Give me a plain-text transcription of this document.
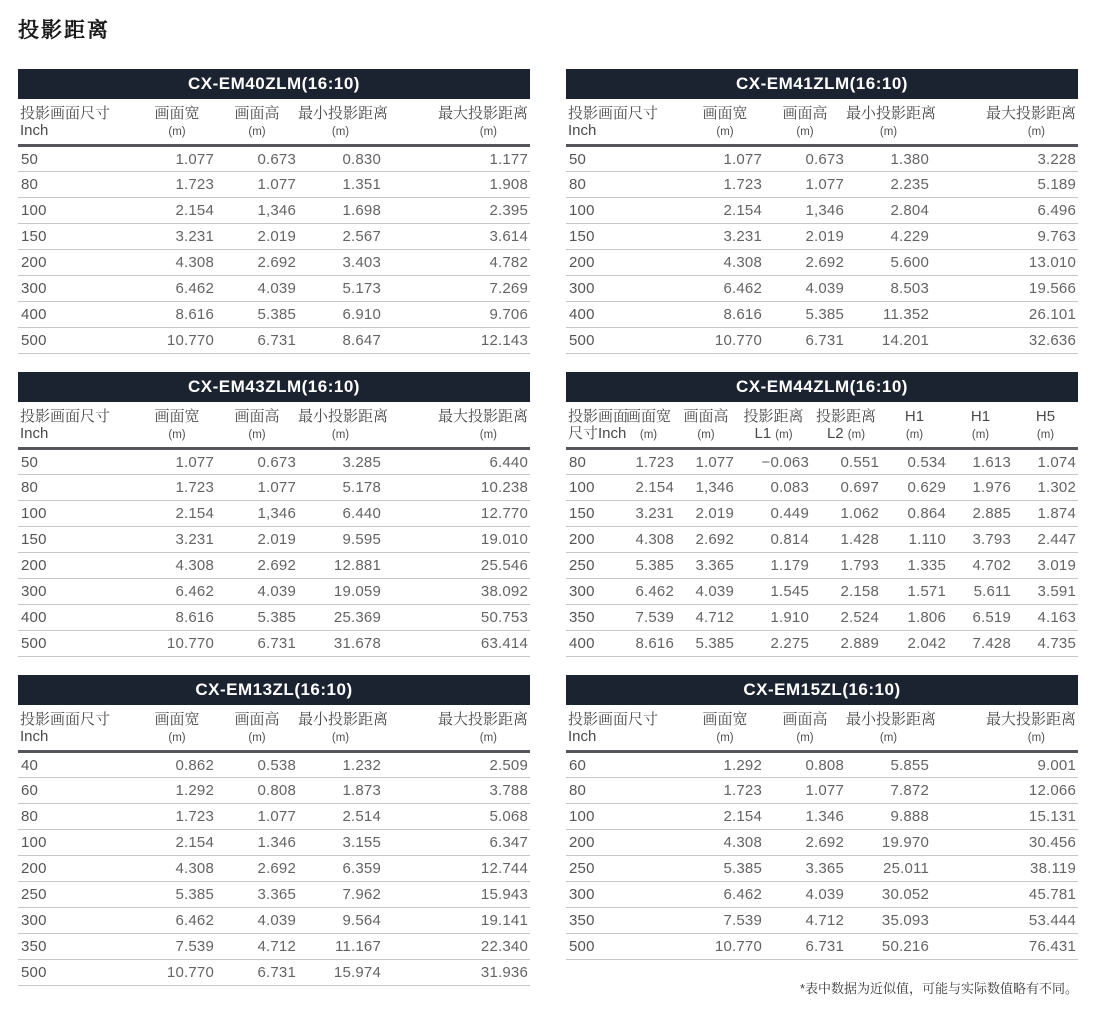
投影距离
CX-EM40ZLM(16:10)
投影画面尺寸
Inch

画面宽
(m)

画面高
(m)

最小投影距离
(m)

最大投影距离
(m)

50	1.077	0.673	0.830	1.177
80	1.723	1.077	1.351	1.908
100	2.154	1,346	1.698	2.395
150	3.231	2.019	2.567	3.614
200	4.308	2.692	3.403	4.782
300	6.462	4.039	5.173	7.269
400	8.616	5.385	6.910	9.706
500	10.770	6.731	8.647	12.143
CX-EM43ZLM(16:10)
投影画面尺寸
Inch

画面宽
(m)

画面高
(m)

最小投影距离
(m)

最大投影距离
(m)

50	1.077	0.673	3.285	6.440
80	1.723	1.077	5.178	10.238
100	2.154	1,346	6.440	12.770
150	3.231	2.019	9.595	19.010
200	4.308	2.692	12.881	25.546
300	6.462	4.039	19.059	38.092
400	8.616	5.385	25.369	50.753
500	10.770	6.731	31.678	63.414
CX-EM13ZL(16:10)
投影画面尺寸
Inch

画面宽
(m)

画面高
(m)

最小投影距离
(m)

最大投影距离
(m)

40	0.862	0.538	1.232	2.509
60	1.292	0.808	1.873	3.788
80	1.723	1.077	2.514	5.068
100	2.154	1.346	3.155	6.347
200	4.308	2.692	6.359	12.744
250	5.385	3.365	7.962	15.943
300	6.462	4.039	9.564	19.141
350	7.539	4.712	11.167	22.340
500	10.770	6.731	15.974	31.936
CX-EM41ZLM(16:10)
投影画面尺寸
Inch

画面宽
(m)

画面高
(m)

最小投影距离
(m)

最大投影距离
(m)

50	1.077	0.673	1.380	3.228
80	1.723	1.077	2.235	5.189
100	2.154	1,346	2.804	6.496
150	3.231	2.019	4.229	9.763
200	4.308	2.692	5.600	13.010
300	6.462	4.039	8.503	19.566
400	8.616	5.385	11.352	26.101
500	10.770	6.731	14.201	32.636
CX-EM44ZLM(16:10)
投影画面
尺寸Inch

画面宽
(m)

画面高
(m)

投影距离
L1 (m)

投影距离
L2 (m)

H1
(m)

H1
(m)

H5
(m)

80	1.723	1.077	−0.063	0.551	0.534	1.613	1.074
100	2.154	1,346	0.083	0.697	0.629	1.976	1.302
150	3.231	2.019	0.449	1.062	0.864	2.885	1.874
200	4.308	2.692	0.814	1.428	1.110	3.793	2.447
250	5.385	3.365	1.179	1.793	1.335	4.702	3.019
300	6.462	4.039	1.545	2.158	1.571	5.611	3.591
350	7.539	4.712	1.910	2.524	1.806	6.519	4.163
400	8.616	5.385	2.275	2.889	2.042	7.428	4.735
CX-EM15ZL(16:10)
投影画面尺寸
Inch

画面宽
(m)

画面高
(m)

最小投影距离
(m)

最大投影距离
(m)

60	1.292	0.808	5.855	9.001
80	1.723	1.077	7.872	12.066
100	2.154	1.346	9.888	15.131
200	4.308	2.692	19.970	30.456
250	5.385	3.365	25.011	38.119
300	6.462	4.039	30.052	45.781
350	7.539	4.712	35.093	53.444
500	10.770	6.731	50.216	76.431
*表中数据为近似值，可能与实际数值略有不同。
